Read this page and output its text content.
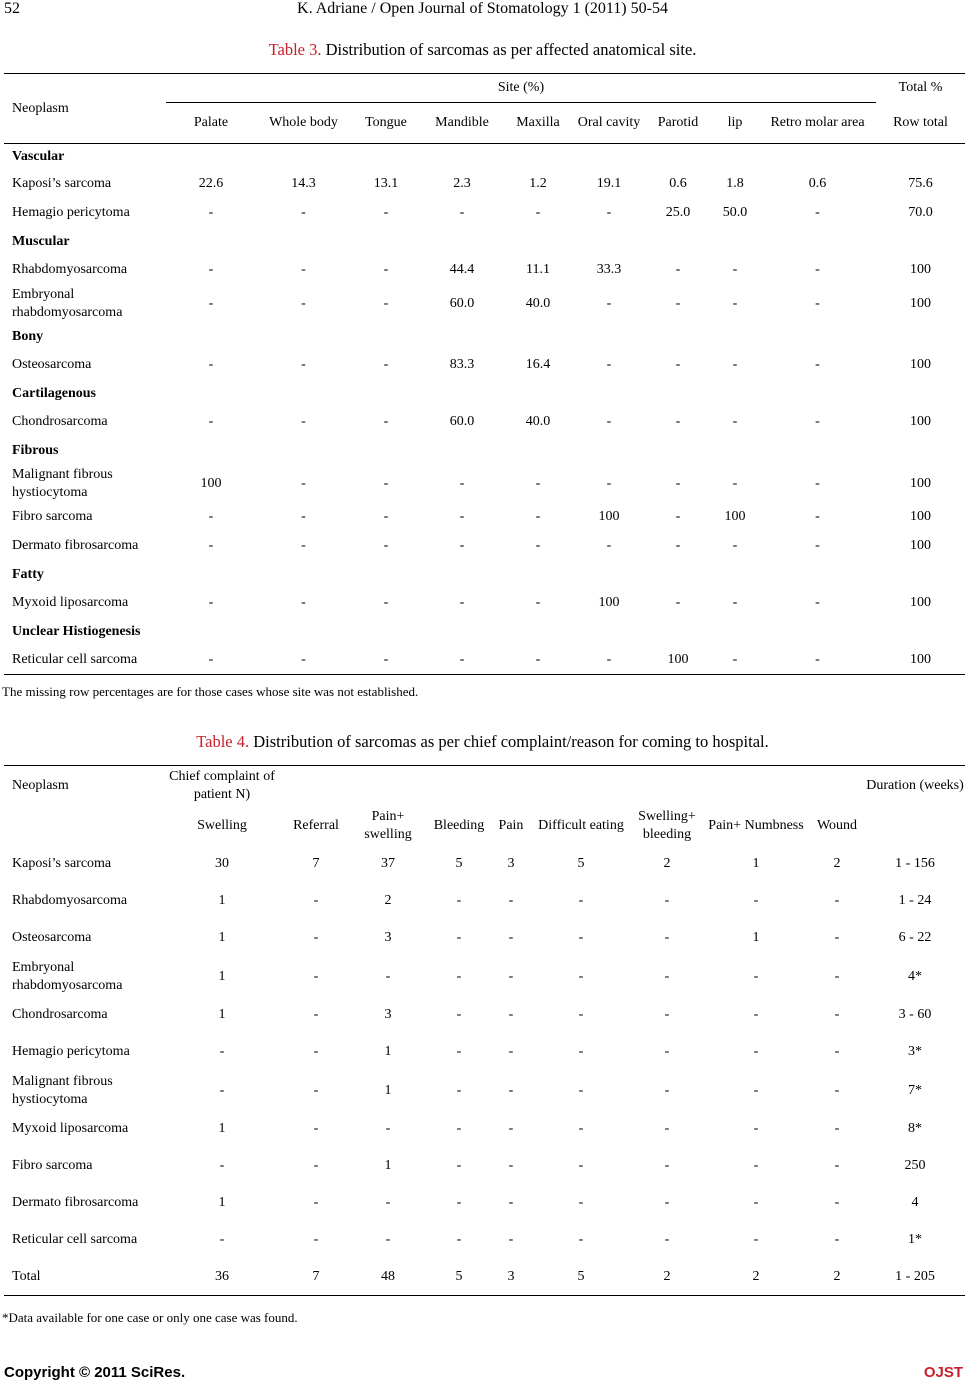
52	K. Adriane / Open Journal of Stomatology 1 (2011) 50-54
Table 3. Distribution of sarcomas as per affected anatomical site.
Neoplasm	Site (%)									Total %
	Palate	Whole body	Tongue	Mandible	Maxilla	Oral cavity	Parotid	lip	Retro molar area	Row total
Vascular										
Kaposi’s sarcoma	22.6	14.3	13.1	2.3	1.2	19.1	0.6	1.8	0.6	75.6
Hemagio pericytoma	-	-	-	-	-	-	25.0	50.0	-	70.0
Muscular										
Rhabdomyosarcoma	-	-	-	44.4	11.1	33.3	-	-	-	100
Embryonal rhabdomyosarcoma	-	-	-	60.0	40.0	-	-	-	-	100
Bony										
Osteosarcoma	-	-	-	83.3	16.4	-	-	-	-	100
Cartilagenous										
Chondrosarcoma	-	-	-	60.0	40.0	-	-	-	-	100
Fibrous										
Malignant fibrous hystiocytoma	100	-	-	-	-	-	-	-	-	100
Fibro sarcoma	-	-	-	-	-	100	-	100	-	100
Dermato fibrosarcoma	-	-	-	-	-	-	-	-	-	100
Fatty										
Myxoid liposarcoma	-	-	-	-	-	100	-	-	-	100
Unclear Histiogenesis										
Reticular cell sarcoma	-	-	-	-	-	-	100	-	-	100
The missing row percentages are for those cases whose site was not established.
Table 4. Distribution of sarcomas as per chief complaint/reason for coming to hospital.
Neoplasm	Chief complaint of patient N)									Duration (weeks)
	Swelling	Referral	Pain+ swelling	Bleeding	Pain	Difficult eating	Swelling+ bleeding	Pain+ Numbness	Wound	
Kaposi’s sarcoma	30	7	37	5	3	5	2	1	2	1 - 156
Rhabdomyosarcoma	1	-	2	-	-	-	-	-	-	1 - 24
Osteosarcoma	1	-	3	-	-	-	-	1	-	6 - 22
Embryonal rhabdomyosarcoma	1	-	-	-	-	-	-	-	-	4*
Chondrosarcoma	1	-	3	-	-	-	-	-	-	3 - 60
Hemagio pericytoma	-	-	1	-	-	-	-	-	-	3*
Malignant fibrous hystiocytoma	-	-	1	-	-	-	-	-	-	7*
Myxoid liposarcoma	1	-	-	-	-	-	-	-	-	8*
Fibro sarcoma	-	-	1	-	-	-	-	-	-	250
Dermato fibrosarcoma	1	-	-	-	-	-	-	-	-	4
Reticular cell sarcoma	-	-	-	-	-	-	-	-	-	1*
Total	36	7	48	5	3	5	2	2	2	1 - 205
*Data available for one case or only one case was found.
Copyright © 2011 SciRes.	OJST
